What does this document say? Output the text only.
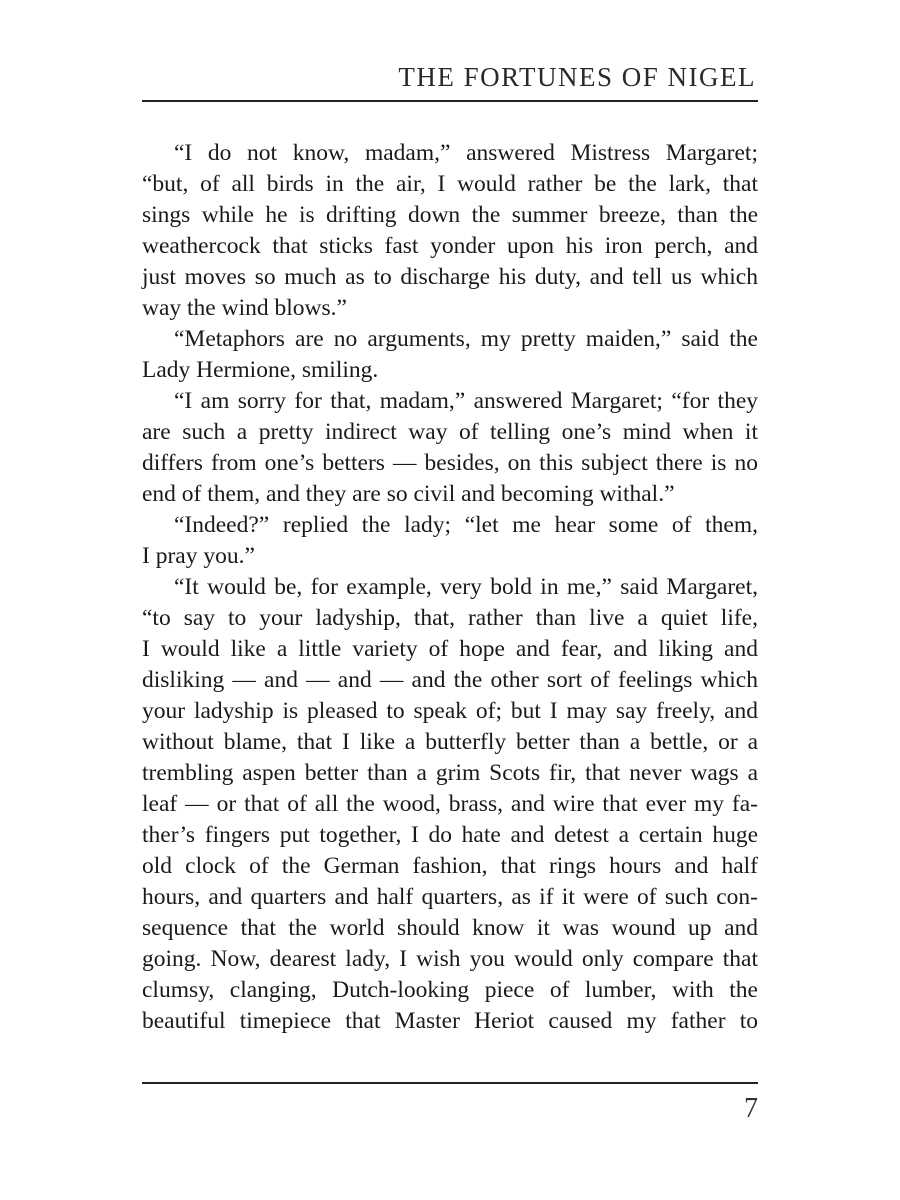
THE FORTUNES OF NIGEL
“I do not know, madam,” answered Mistress Margaret;
“but, of all birds in the air, I would rather be the lark, that
sings while he is drifting down the summer breeze, than the
weathercock that sticks fast yonder upon his iron perch, and
just moves so much as to discharge his duty, and tell us which
way the wind blows.”
“Metaphors are no arguments, my pretty maiden,” said the
Lady Hermione, smiling.
“I am sorry for that, madam,” answered Margaret; “for they
are such a pretty indirect way of telling one’s mind when it
differs from one’s betters — besides, on this subject there is no
end of them, and they are so civil and becoming withal.”
“Indeed?” replied the lady; “let me hear some of them,
I pray you.”
“It would be, for example, very bold in me,” said Margaret,
“to say to your ladyship, that, rather than live a quiet life,
I would like a little variety of hope and fear, and liking and
disliking — and — and — and the other sort of feelings which
your ladyship is pleased to speak of; but I may say freely, and
without blame, that I like a butterfly better than a bettle, or a
trembling aspen better than a grim Scots fir, that never wags a
leaf — or that of all the wood, brass, and wire that ever my fa-
ther’s fingers put together, I do hate and detest a certain huge
old clock of the German fashion, that rings hours and half
hours, and quarters and half quarters, as if it were of such con-
sequence that the world should know it was wound up and
going. Now, dearest lady, I wish you would only compare that
clumsy, clanging, Dutch-looking piece of lumber, with the
beautiful timepiece that Master Heriot caused my father to
7
